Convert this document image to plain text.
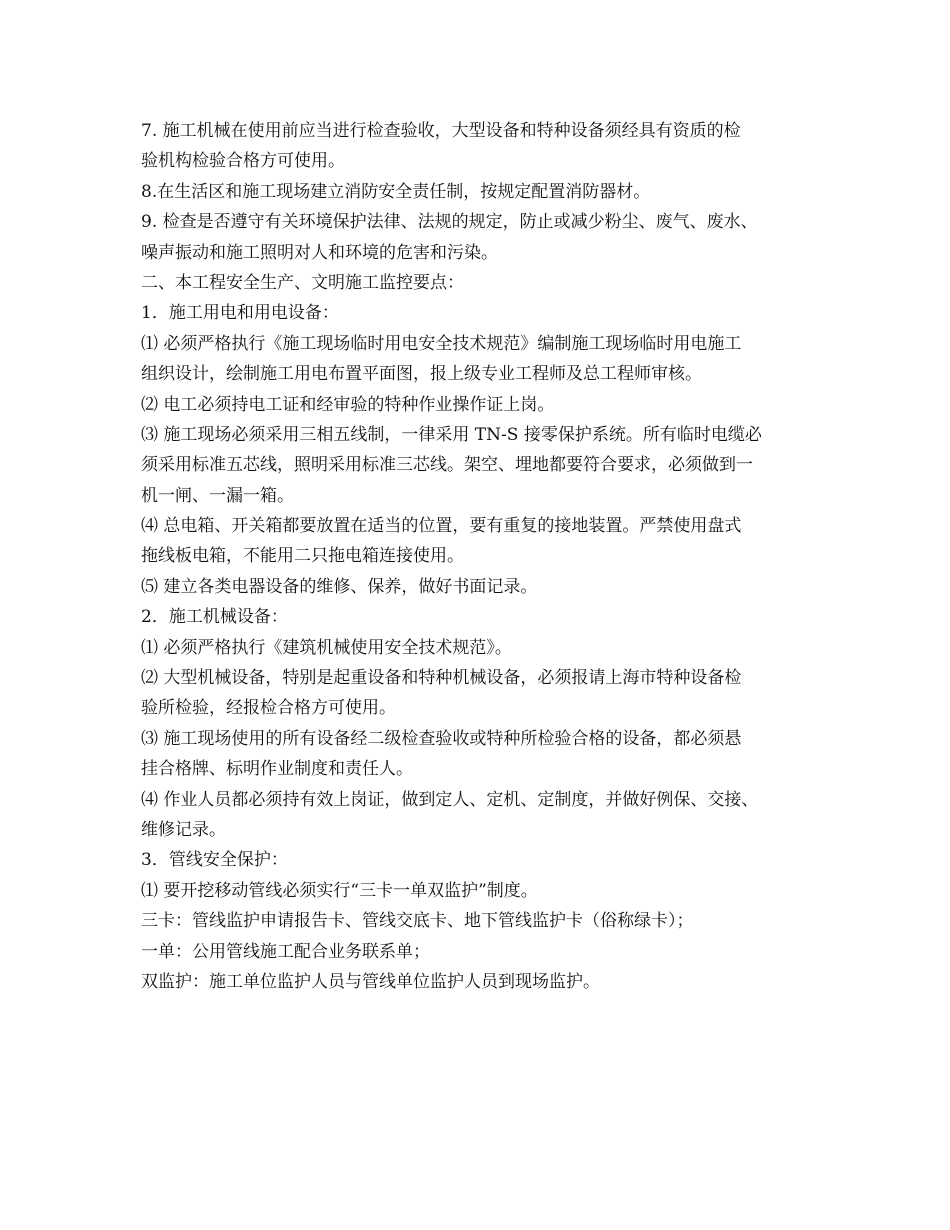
7. 施工机械在使用前应当进行检查验收，大型设备和特种设备须经具有资质的检
验机构检验合格方可使用。
8.在生活区和施工现场建立消防安全责任制，按规定配置消防器材。
9. 检查是否遵守有关环境保护法律、法规的规定，防止或减少粉尘、废气、废水、
噪声振动和施工照明对人和环境的危害和污染。
二、本工程安全生产、文明施工监控要点：
1．施工用电和用电设备：
⑴ 必须严格执行《施工现场临时用电安全技术规范》编制施工现场临时用电施工
组织设计，绘制施工用电布置平面图，报上级专业工程师及总工程师审核。
⑵ 电工必须持电工证和经审验的特种作业操作证上岗。
⑶ 施工现场必须采用三相五线制，一律采用 TN-S 接零保护系统。所有临时电缆必
须采用标准五芯线，照明采用标准三芯线。架空、埋地都要符合要求，必须做到一
机一闸、一漏一箱。
⑷ 总电箱、开关箱都要放置在适当的位置，要有重复的接地装置。严禁使用盘式
拖线板电箱，不能用二只拖电箱连接使用。
⑸ 建立各类电器设备的维修、保养，做好书面记录。
2．施工机械设备：
⑴ 必须严格执行《建筑机械使用安全技术规范》。
⑵ 大型机械设备，特别是起重设备和特种机械设备，必须报请上海市特种设备检
验所检验，经报检合格方可使用。
⑶ 施工现场使用的所有设备经二级检查验收或特种所检验合格的设备，都必须悬
挂合格牌、标明作业制度和责任人。
⑷ 作业人员都必须持有效上岗证，做到定人、定机、定制度，并做好例保、交接、
维修记录。
3．管线安全保护：
⑴ 要开挖移动管线必须实行“三卡一单双监护”制度。
三卡：管线监护申请报告卡、管线交底卡、地下管线监护卡（俗称绿卡）；
一单：公用管线施工配合业务联系单；
双监护：施工单位监护人员与管线单位监护人员到现场监护。
